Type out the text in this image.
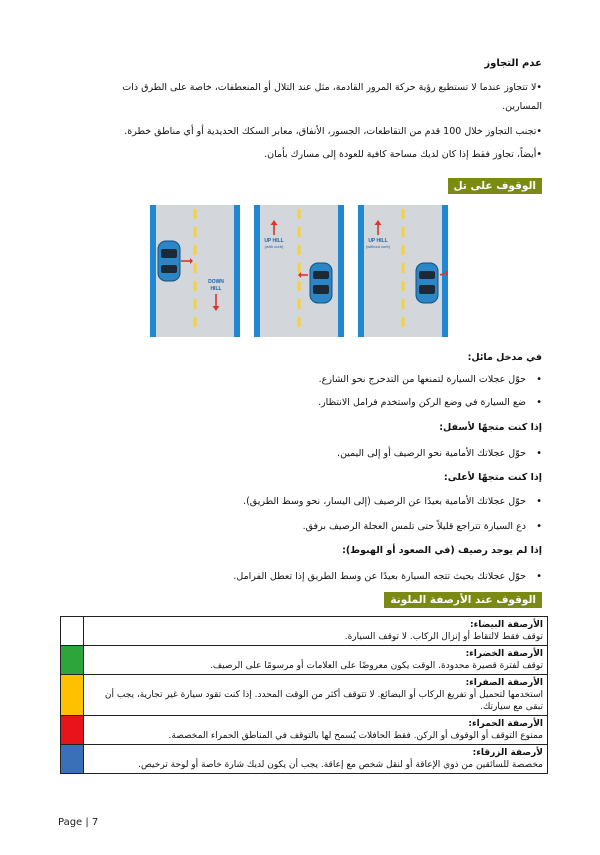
عدم التجاوز
•لا تتجاوز عندما لا تستطيع رؤية حركة المرور القادمة، مثل عند التلال أو المنعطفات، خاصة على الطرق ذات
المسارين.
•تجنب التجاوز خلال 100 قدم من التقاطعات، الجسور، الأنفاق، معابر السكك الحديدية أو أي مناطق خطرة.
•أيضاً، تجاوز فقط إذا كان لديك مساحة كافية للعودة إلى مسارك بأمان.
الوقوف على تل
DOWN
HILL
UP HILL
(with curb)
UP HILL
(without curb)
في مدخل مائل:
• حوّل عجلات السيارة لتمنعها من التدحرج نحو الشارع.
• ضع السيارة في وضع الركن واستخدم فرامل الانتظار.
إذا كنت متجهًا لأسفل:
• حوّل عجلاتك الأمامية نحو الرصيف أو إلى اليمين.
إذا كنت متجهًا لأعلى:
• حوّل عجلاتك الأمامية بعيدًا عن الرصيف (إلى اليسار، نحو وسط الطريق).
• دع السيارة تتراجع قليلاً حتى تلمس العجلة الرصيف برفق.
إذا لم يوجد رصيف (في الصعود أو الهبوط):
• حوّل عجلاتك بحيث تتجه السيارة بعيدًا عن وسط الطريق إذا تعطل الفرامل.
الوقوف عند الأرصفة الملونة

	الأرصفة البيضاء:
توقف فقط لالتقاط أو إنزال الركاب. لا توقف السيارة.

	الأرصفة الخضراء:
توقف لفترة قصيرة محدودة. الوقت يكون معروضًا على العلامات أو مرسومًا على الرصيف.

	الأرصفة الصفراء:
استخدمها لتحميل أو تفريغ الركاب أو البضائع. لا تتوقف أكثر من الوقت المحدد. إذا كنت تقود سيارة غير تجارية، يجب أن تبقى مع سيارتك.

	الأرصفة الحمراء:
ممنوع التوقف أو الوقوف أو الركن. فقط الحافلات يُسمح لها بالتوقف في المناطق الحمراء المخصصة.

	لأرصفة الزرقاء:
مخصصة للسائقين من ذوي الإعاقة أو لنقل شخص مع إعاقة. يجب أن يكون لديك شارة خاصة أو لوحة ترخيص.
Page | 7
